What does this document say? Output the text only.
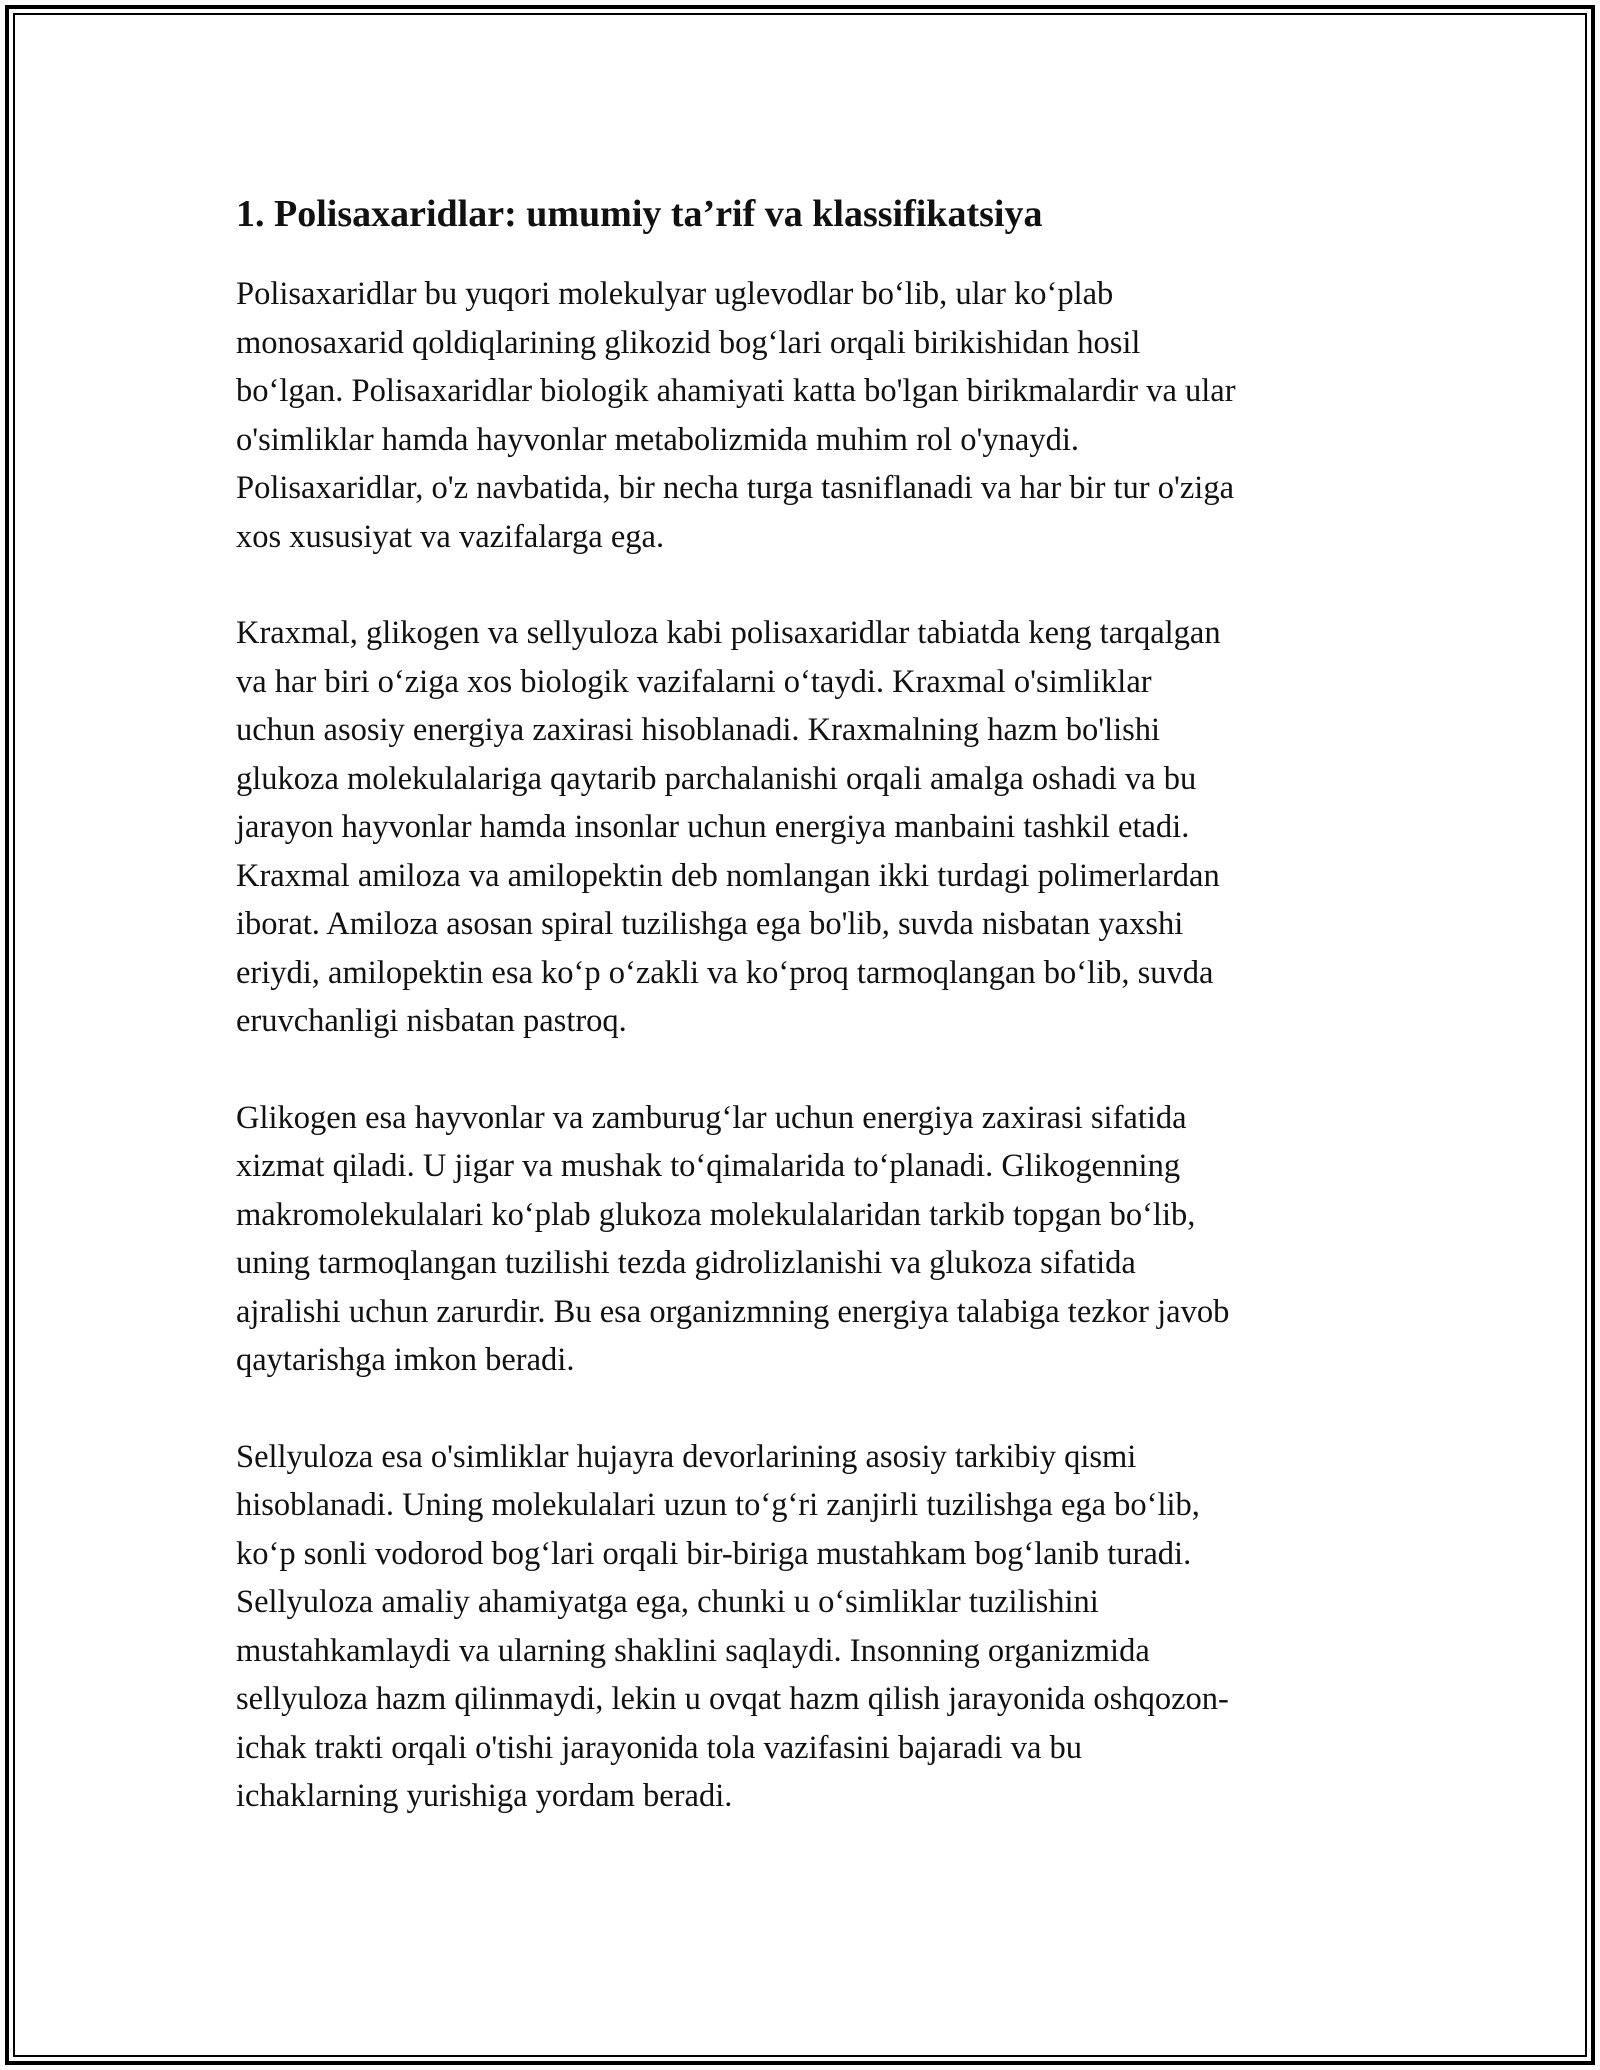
1. Polisaxaridlar: umumiy ta’rif va klassifikatsiya

Polisaxaridlar bu yuqori molekulyar uglevodlar bo‘lib, ular ko‘plab
monosaxarid qoldiqlarining glikozid bog‘lari orqali birikishidan hosil
bo‘lgan. Polisaxaridlar biologik ahamiyati katta bo'lgan birikmalardir va ular
o'simliklar hamda hayvonlar metabolizmida muhim rol o'ynaydi.
Polisaxaridlar, o'z navbatida, bir necha turga tasniflanadi va har bir tur o'ziga
xos xususiyat va vazifalarga ega.

Kraxmal, glikogen va sellyuloza kabi polisaxaridlar tabiatda keng tarqalgan
va har biri o‘ziga xos biologik vazifalarni o‘taydi. Kraxmal o'simliklar
uchun asosiy energiya zaxirasi hisoblanadi. Kraxmalning hazm bo'lishi
glukoza molekulalariga qaytarib parchalanishi orqali amalga oshadi va bu
jarayon hayvonlar hamda insonlar uchun energiya manbaini tashkil etadi.
Kraxmal amiloza va amilopektin deb nomlangan ikki turdagi polimerlardan
iborat. Amiloza asosan spiral tuzilishga ega bo'lib, suvda nisbatan yaxshi
eriydi, amilopektin esa ko‘p o‘zakli va ko‘proq tarmoqlangan bo‘lib, suvda
eruvchanligi nisbatan pastroq.

Glikogen esa hayvonlar va zamburug‘lar uchun energiya zaxirasi sifatida
xizmat qiladi. U jigar va mushak to‘qimalarida to‘planadi. Glikogenning
makromolekulalari ko‘plab glukoza molekulalaridan tarkib topgan bo‘lib,
uning tarmoqlangan tuzilishi tezda gidrolizlanishi va glukoza sifatida
ajralishi uchun zarurdir. Bu esa organizmning energiya talabiga tezkor javob
qaytarishga imkon beradi.

Sellyuloza esa o'simliklar hujayra devorlarining asosiy tarkibiy qismi
hisoblanadi. Uning molekulalari uzun to‘g‘ri zanjirli tuzilishga ega bo‘lib,
ko‘p sonli vodorod bog‘lari orqali bir-biriga mustahkam bog‘lanib turadi.
Sellyuloza amaliy ahamiyatga ega, chunki u o‘simliklar tuzilishini
mustahkamlaydi va ularning shaklini saqlaydi. Insonning organizmida
sellyuloza hazm qilinmaydi, lekin u ovqat hazm qilish jarayonida oshqozon-
ichak trakti orqali o'tishi jarayonida tola vazifasini bajaradi va bu
ichaklarning yurishiga yordam beradi.
